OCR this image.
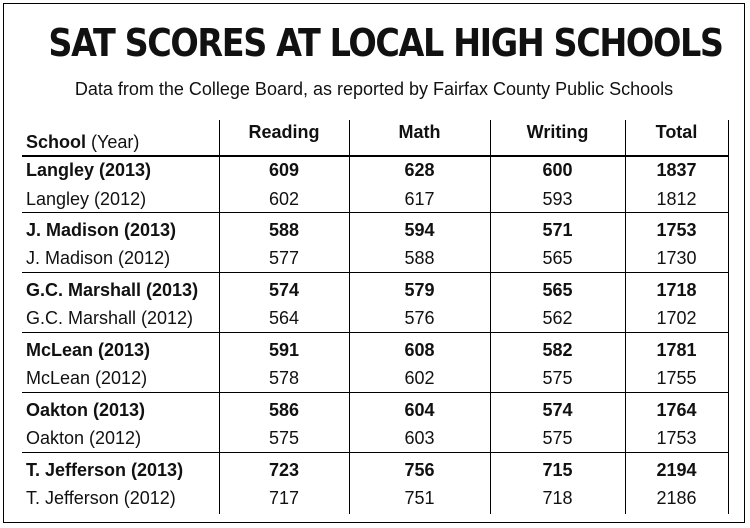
SAT SCORES AT LOCAL HIGH SCHOOLS
Data from the College Board, as reported by Fairfax County Public Schools
School (Year)	Reading	Math	Writing	Total
Langley (2013)	609	628	600	1837
Langley (2012)	602	617	593	1812
J. Madison (2013)	588	594	571	1753
J. Madison (2012)	577	588	565	1730
G.C. Marshall (2013)	574	579	565	1718
G.C. Marshall (2012)	564	576	562	1702
McLean (2013)	591	608	582	1781
McLean (2012)	578	602	575	1755
Oakton (2013)	586	604	574	1764
Oakton (2012)	575	603	575	1753
T. Jefferson (2013)	723	756	715	2194
T. Jefferson (2012)	717	751	718	2186
